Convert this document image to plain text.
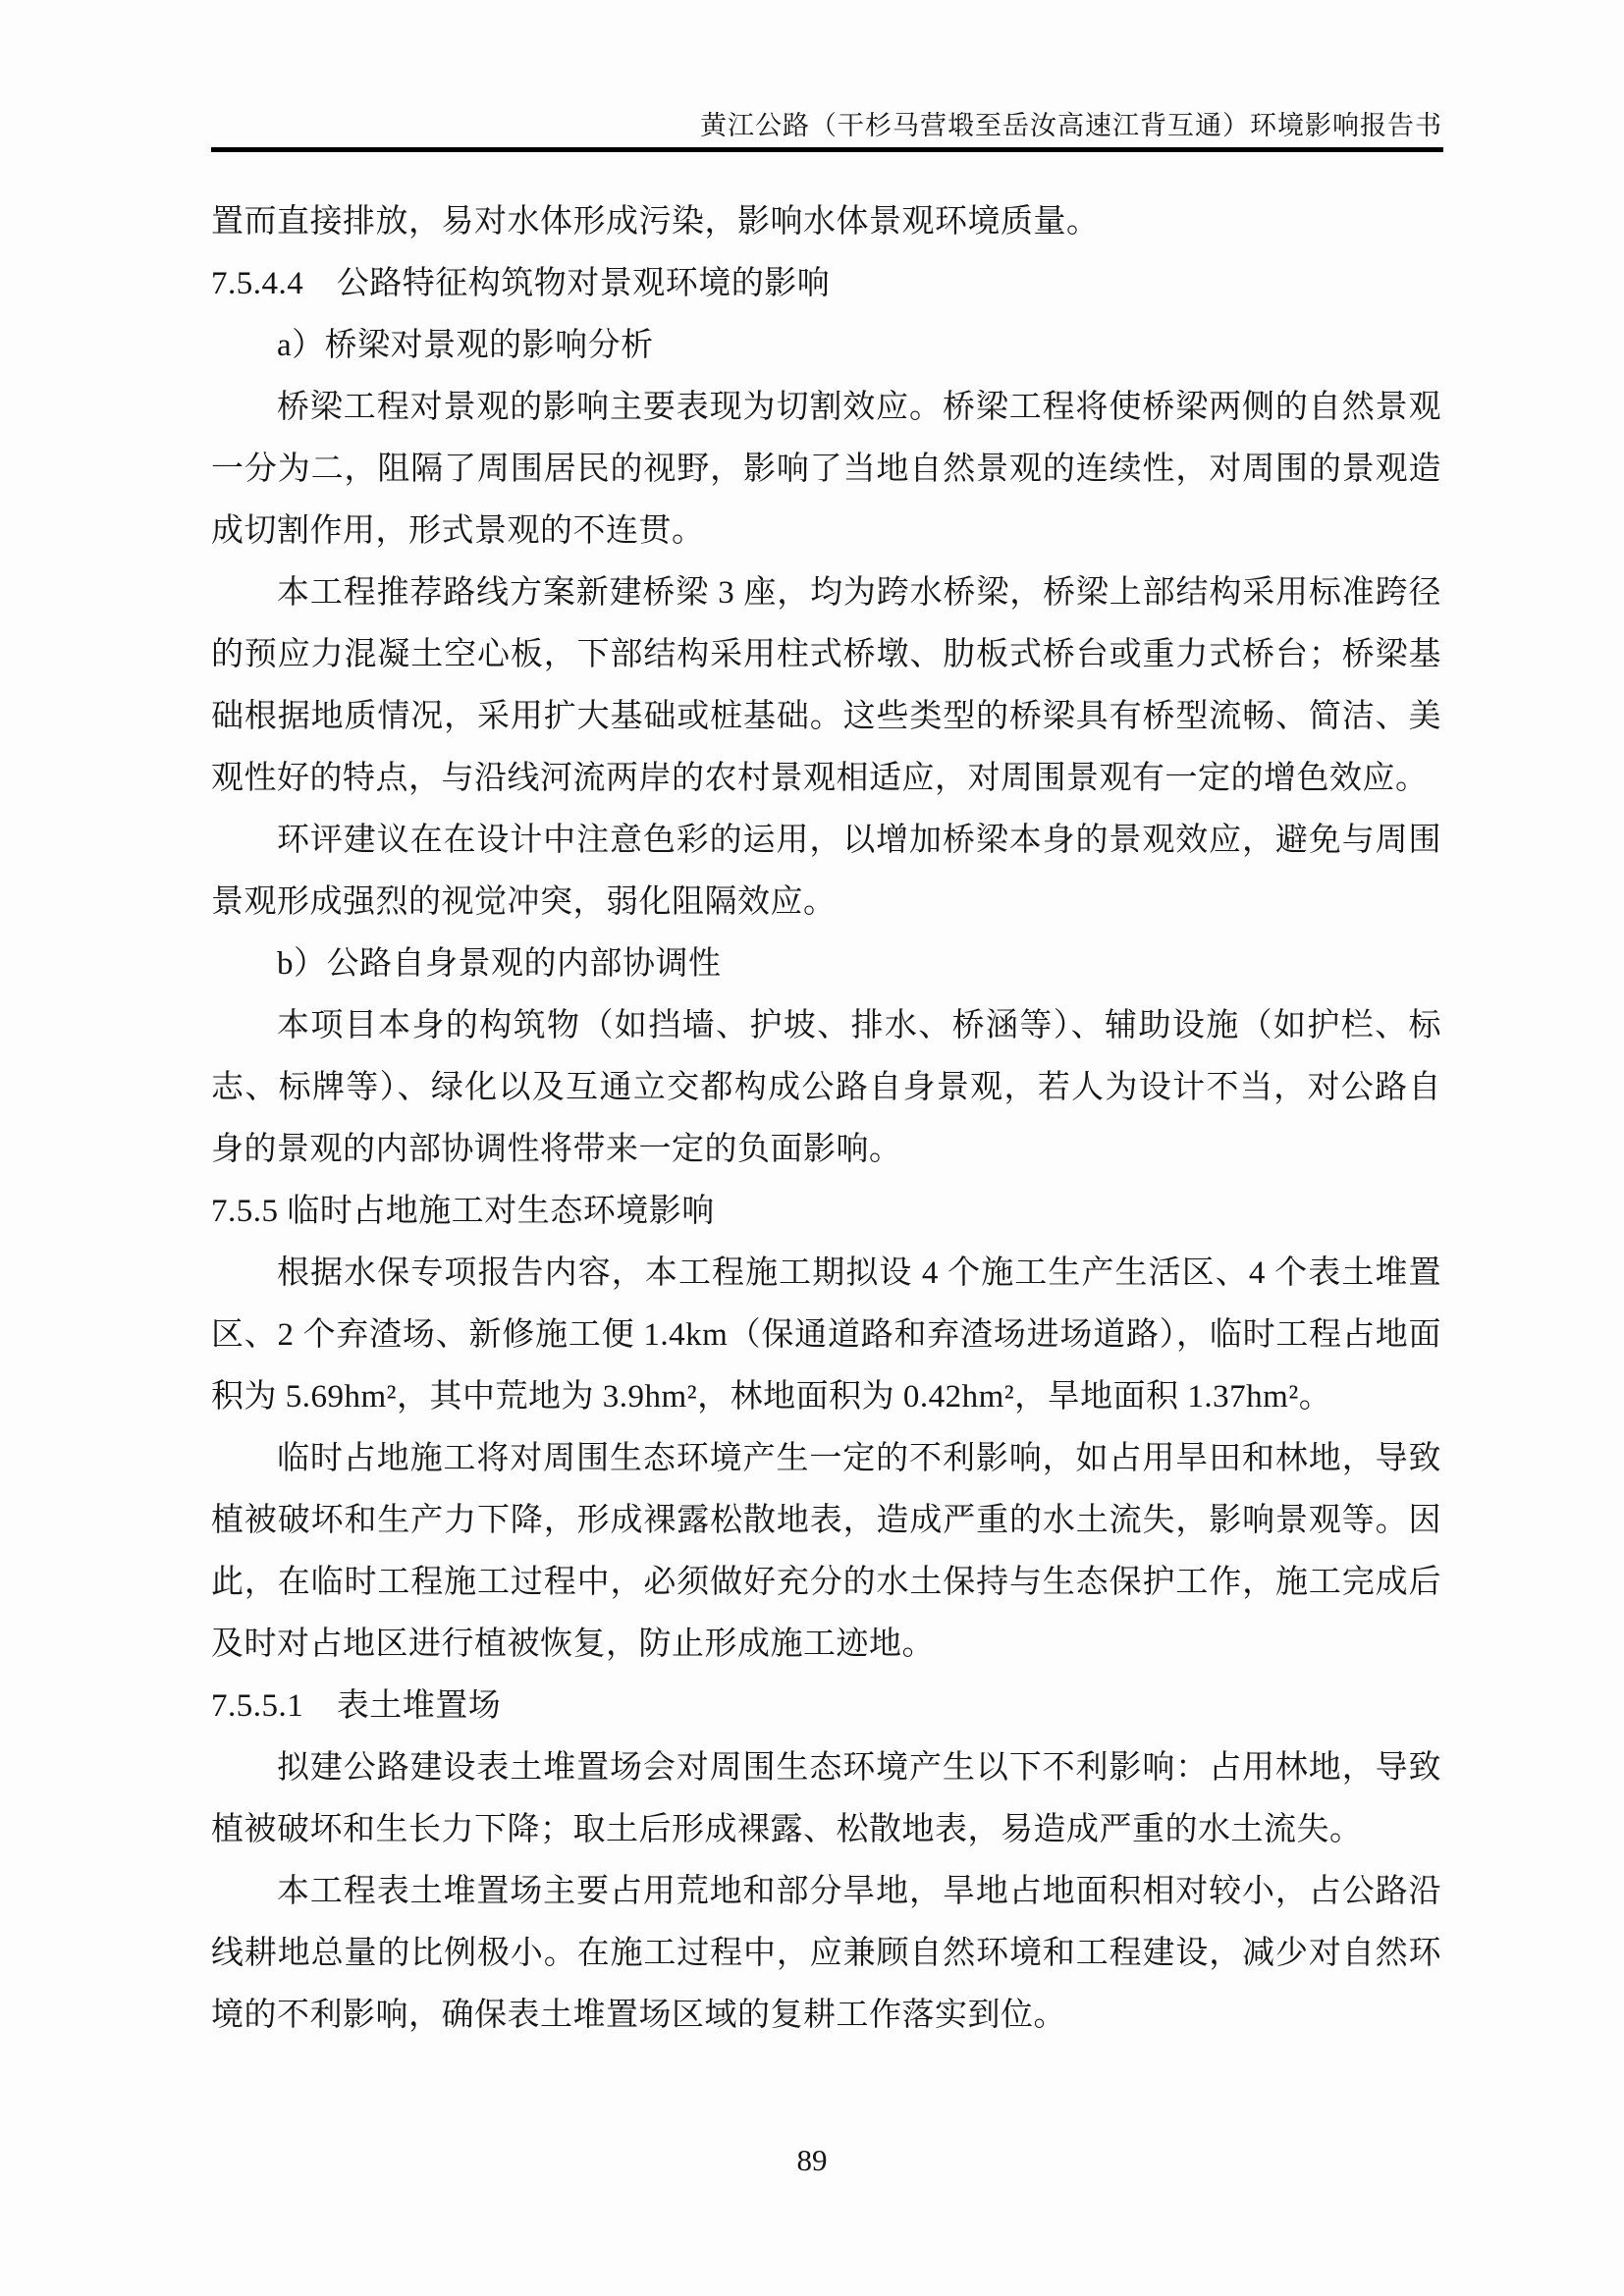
黄江公路（干杉马营塅至岳汝高速江背互通）环境影响报告书

置而直接排放，易对水体形成污染，影响水体景观环境质量。

7.5.4.4　公路特征构筑物对景观环境的影响

a）桥梁对景观的影响分析

桥梁工程对景观的影响主要表现为切割效应。桥梁工程将使桥梁两侧的自然景观一分为二，阻隔了周围居民的视野，影响了当地自然景观的连续性，对周围的景观造成切割作用，形式景观的不连贯。

本工程推荐路线方案新建桥梁 3 座，均为跨水桥梁，桥梁上部结构采用标准跨径的预应力混凝土空心板，下部结构采用柱式桥墩、肋板式桥台或重力式桥台；桥梁基础根据地质情况，采用扩大基础或桩基础。这些类型的桥梁具有桥型流畅、简洁、美观性好的特点，与沿线河流两岸的农村景观相适应，对周围景观有一定的增色效应。

环评建议在在设计中注意色彩的运用，以增加桥梁本身的景观效应，避免与周围景观形成强烈的视觉冲突，弱化阻隔效应。

b）公路自身景观的内部协调性

本项目本身的构筑物（如挡墙、护坡、排水、桥涵等）、辅助设施（如护栏、标志、标牌等）、绿化以及互通立交都构成公路自身景观，若人为设计不当，对公路自身的景观的内部协调性将带来一定的负面影响。

7.5.5 临时占地施工对生态环境影响

根据水保专项报告内容，本工程施工期拟设 4 个施工生产生活区、4 个表土堆置区、2 个弃渣场、新修施工便 1.4km（保通道路和弃渣场进场道路），临时工程占地面积为 5.69hm²，其中荒地为 3.9hm²，林地面积为 0.42hm²，旱地面积 1.37hm²。

临时占地施工将对周围生态环境产生一定的不利影响，如占用旱田和林地，导致植被破坏和生产力下降，形成裸露松散地表，造成严重的水土流失，影响景观等。因此，在临时工程施工过程中，必须做好充分的水土保持与生态保护工作，施工完成后及时对占地区进行植被恢复，防止形成施工迹地。

7.5.5.1　表土堆置场

拟建公路建设表土堆置场会对周围生态环境产生以下不利影响：占用林地，导致植被破坏和生长力下降；取土后形成裸露、松散地表，易造成严重的水土流失。

本工程表土堆置场主要占用荒地和部分旱地，旱地占地面积相对较小，占公路沿线耕地总量的比例极小。在施工过程中，应兼顾自然环境和工程建设，减少对自然环境的不利影响，确保表土堆置场区域的复耕工作落实到位。

89
